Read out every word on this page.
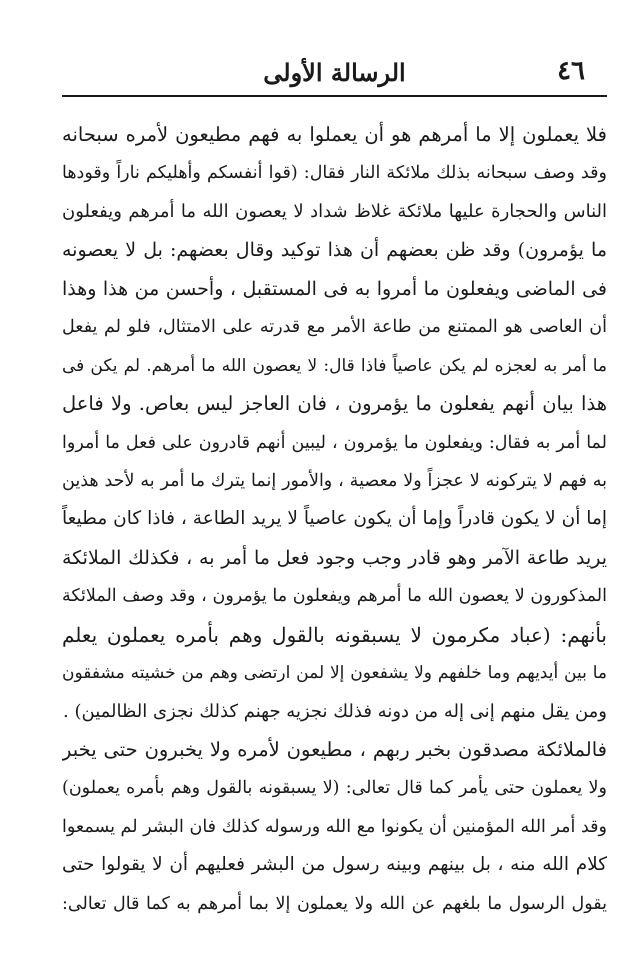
٤٦
الرسالة الأولى
فلا يعملون إلا ما أمرهم هو أن يعملوا به فهم مطيعون لأمره سبحانه
وقد وصف سبحانه بذلك ملائكة النار فقال: (قوا أنفسكم وأهليكم ناراً وقودها
الناس والحجارة عليها ملائكة غلاظ شداد لا يعصون الله ما أمرهم ويفعلون
ما يؤمرون) وقد ظن بعضهم أن هذا توكيد وقال بعضهم: بل لا يعصونه
فى الماضى ويفعلون ما أمروا به فى المستقبل ، وأحسن من هذا وهذا
أن العاصى هو الممتنع من طاعة الأمر مع قدرته على الامتثال، فلو لم يفعل
ما أمر به لعجزه لم يكن عاصياً فاذا قال: لا يعصون الله ما أمرهم. لم يكن فى
هذا بيان أنهم يفعلون ما يؤمرون ، فان العاجز ليس بعاص. ولا فاعل
لما أمر به فقال: ويفعلون ما يؤمرون ، ليبين أنهم قادرون على فعل ما أمروا
به فهم لا يتركونه لا عجزاً ولا معصية ، والأمور إنما يترك ما أمر به لأحد هذين
إما أن لا يكون قادراً وإما أن يكون عاصياً لا يريد الطاعة ، فاذا كان مطيعاً
يريد طاعة الآمر وهو قادر وجب وجود فعل ما أمر به ، فكذلك الملائكة
المذكورون لا يعصون الله ما أمرهم ويفعلون ما يؤمرون ، وقد وصف الملائكة
بأنهم: (عباد مكرمون لا يسبقونه بالقول وهم بأمره يعملون يعلم
ما بين أيديهم وما خلفهم ولا يشفعون إلا لمن ارتضى وهم من خشيته مشفقون
ومن يقل منهم إنى إله من دونه فذلك نجزيه جهنم كذلك نجزى الظالمين) .
فالملائكة مصدقون بخبر ربهم ، مطيعون لأمره ولا يخبرون حتى يخبر
ولا يعملون حتى يأمر كما قال تعالى: (لا يسبقونه بالقول وهم بأمره يعملون)
وقد أمر الله المؤمنين أن يكونوا مع الله ورسوله كذلك فان البشر لم يسمعوا
كلام الله منه ، بل بينهم وبينه رسول من البشر فعليهم أن لا يقولوا حتى
يقول الرسول ما بلغهم عن الله ولا يعملون إلا بما أمرهم به كما قال تعالى:
